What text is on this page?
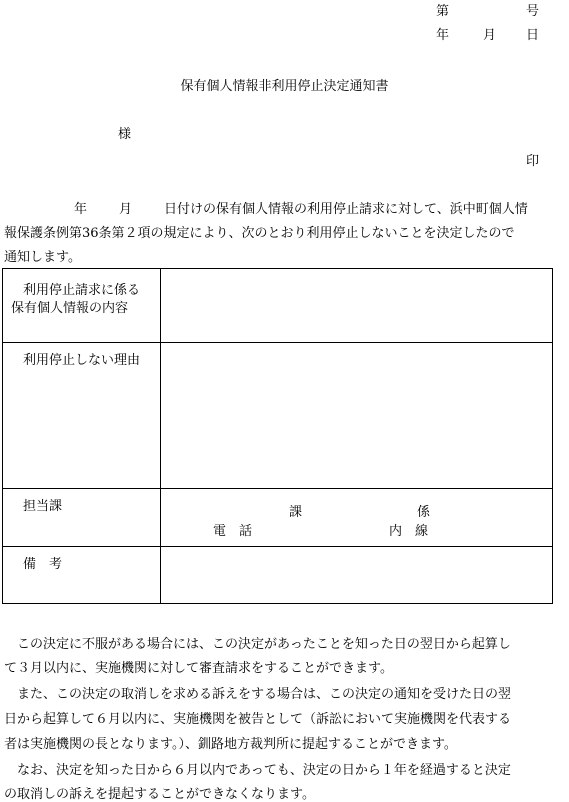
第	号
年	月 日
保有個人情報非利用停止決定通知書
様
印
年 月 日付けの保有個人情報の利用停止請求に対して、浜中町個人情
報保護条例第36条第２項の規定により、次のとおり利用停止しないことを決定したので
通知します。
利用停止請求に係る
保有個人情報の内容
利用停止しない理由
担当課	課	係
電　話	内　線
備　考
この決定に不服がある場合には、この決定があったことを知った日の翌日から起算し
て３月以内に、実施機関に対して審査請求をすることができます。
また、この決定の取消しを求める訴えをする場合は、この決定の通知を受けた日の翌
日から起算して６月以内に、実施機関を被告として（訴訟において実施機関を代表する
者は実施機関の長となります。）、釧路地方裁判所に提起することができます。
なお、決定を知った日から６月以内であっても、決定の日から１年を経過すると決定
の取消しの訴えを提起することができなくなります。
